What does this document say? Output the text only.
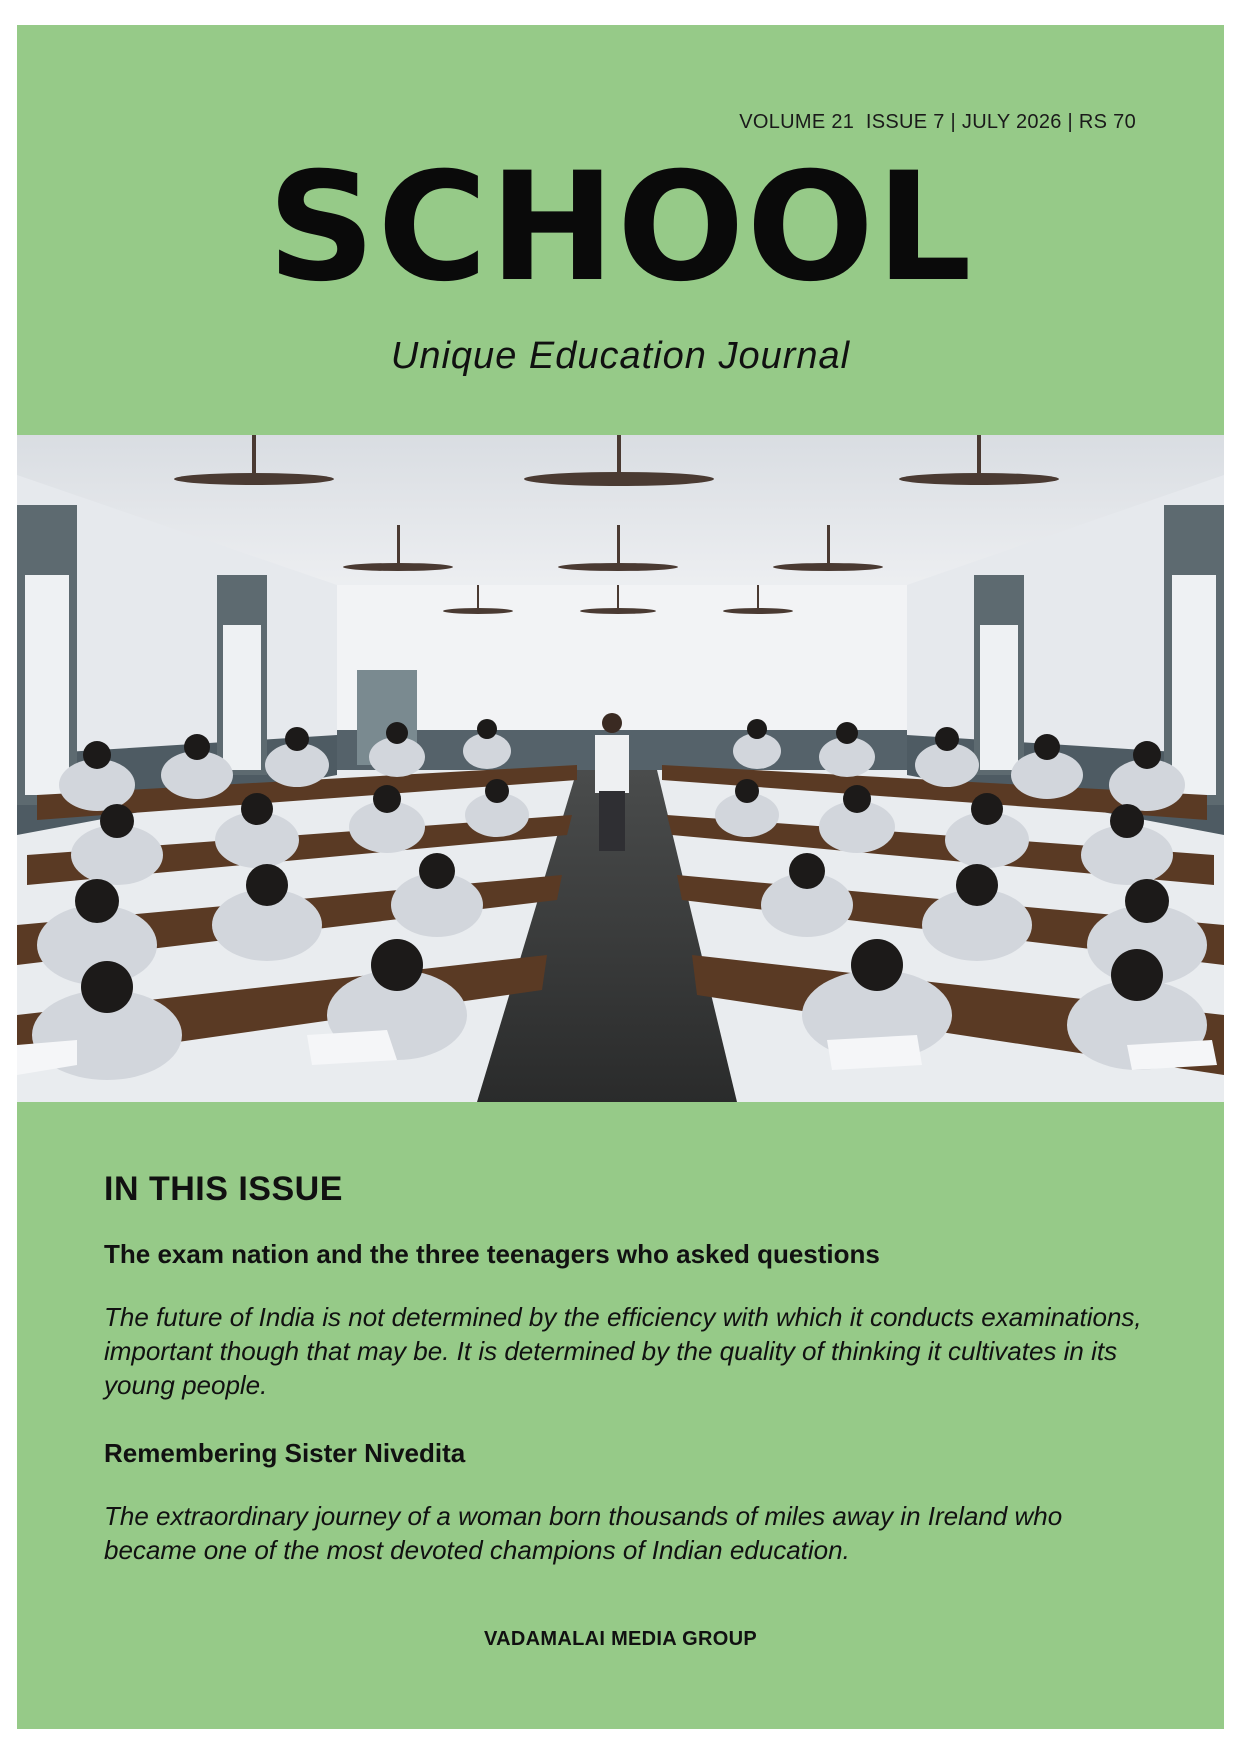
VOLUME 21  ISSUE 7 | JULY 2026 | RS 70
SCHOOL
Unique Education Journal
IN THIS ISSUE
The exam nation and the three teenagers who asked questions
The future of India is not determined by the efficiency with which it conducts examinations, important though that may be. It is determined by the quality of thinking it cultivates in its young people.
Remembering Sister Nivedita
The extraordinary journey of a woman born thousands of miles away in Ireland who became one of the most devoted champions of Indian education.
VADAMALAI MEDIA GROUP
